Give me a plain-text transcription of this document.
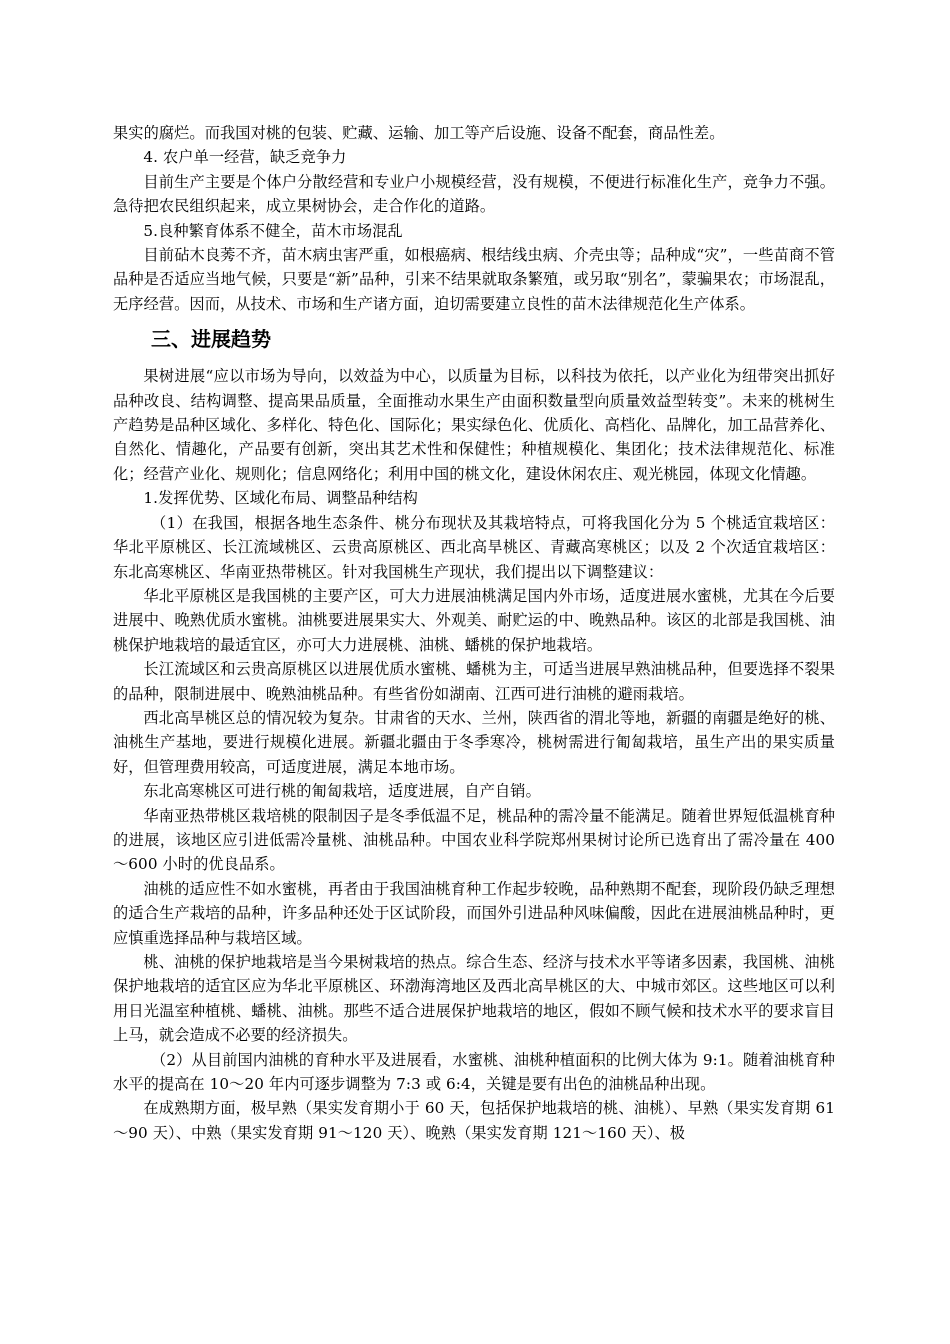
果实的腐烂。而我国对桃的包装、贮藏、运输、加工等产后设施、设备不配套，商品性差。

4. 农户单一经营，缺乏竞争力

目前生产主要是个体户分散经营和专业户小规模经营，没有规模，不便进行标准化生产，竞争力不强。急待把农民组织起来，成立果树协会，走合作化的道路。

5.良种繁育体系不健全，苗木市场混乱

目前砧木良莠不齐，苗木病虫害严重，如根癌病、根结线虫病、介壳虫等；品种成“灾”，一些苗商不管品种是否适应当地气候，只要是“新”品种，引来不结果就取条繁殖，或另取“别名”，蒙骗果农；市场混乱，无序经营。因而，从技术、市场和生产诸方面，迫切需要建立良性的苗木法律规范化生产体系。

三、进展趋势

果树进展“应以市场为导向，以效益为中心，以质量为目标，以科技为依托，以产业化为纽带突出抓好品种改良、结构调整、提高果品质量，全面推动水果生产由面积数量型向质量效益型转变”。未来的桃树生产趋势是品种区域化、多样化、特色化、国际化；果实绿色化、优质化、高档化、品牌化，加工品营养化、自然化、情趣化，产品要有创新，突出其艺术性和保健性；种植规模化、集团化；技术法律规范化、标准化；经营产业化、规则化；信息网络化；利用中国的桃文化，建设休闲农庄、观光桃园，体现文化情趣。

1.发挥优势、区域化布局、调整品种结构

（1）在我国，根据各地生态条件、桃分布现状及其栽培特点，可将我国化分为 5 个桃适宜栽培区：华北平原桃区、长江流域桃区、云贵高原桃区、西北高旱桃区、青藏高寒桃区；以及 2 个次适宜栽培区：东北高寒桃区、华南亚热带桃区。针对我国桃生产现状，我们提出以下调整建议：

华北平原桃区是我国桃的主要产区，可大力进展油桃满足国内外市场，适度进展水蜜桃，尤其在今后要进展中、晚熟优质水蜜桃。油桃要进展果实大、外观美、耐贮运的中、晚熟品种。该区的北部是我国桃、油桃保护地栽培的最适宜区，亦可大力进展桃、油桃、蟠桃的保护地栽培。

长江流域区和云贵高原桃区以进展优质水蜜桃、蟠桃为主，可适当进展早熟油桃品种，但要选择不裂果的品种，限制进展中、晚熟油桃品种。有些省份如湖南、江西可进行油桃的避雨栽培。

西北高旱桃区总的情况较为复杂。甘肃省的天水、兰州，陕西省的渭北等地，新疆的南疆是绝好的桃、油桃生产基地，要进行规模化进展。新疆北疆由于冬季寒冷，桃树需进行匍匐栽培，虽生产出的果实质量好，但管理费用较高，可适度进展，满足本地市场。

东北高寒桃区可进行桃的匍匐栽培，适度进展，自产自销。

华南亚热带桃区栽培桃的限制因子是冬季低温不足，桃品种的需冷量不能满足。随着世界短低温桃育种的进展，该地区应引进低需冷量桃、油桃品种。中国农业科学院郑州果树讨论所已选育出了需冷量在 400～600 小时的优良品系。

油桃的适应性不如水蜜桃，再者由于我国油桃育种工作起步较晚，品种熟期不配套，现阶段仍缺乏理想的适合生产栽培的品种，许多品种还处于区试阶段，而国外引进品种风味偏酸，因此在进展油桃品种时，更应慎重选择品种与栽培区域。

桃、油桃的保护地栽培是当今果树栽培的热点。综合生态、经济与技术水平等诸多因素，我国桃、油桃保护地栽培的适宜区应为华北平原桃区、环渤海湾地区及西北高旱桃区的大、中城市郊区。这些地区可以利用日光温室种植桃、蟠桃、油桃。那些不适合进展保护地栽培的地区，假如不顾气候和技术水平的要求盲目上马，就会造成不必要的经济损失。

（2）从目前国内油桃的育种水平及进展看，水蜜桃、油桃种植面积的比例大体为 9:1。随着油桃育种水平的提高在 10～20 年内可逐步调整为 7:3 或 6:4，关键是要有出色的油桃品种出现。

在成熟期方面，极早熟（果实发育期小于 60 天，包括保护地栽培的桃、油桃）、早熟（果实发育期 61～90 天）、中熟（果实发育期 91～120 天）、晚熟（果实发育期 121～160 天）、极
